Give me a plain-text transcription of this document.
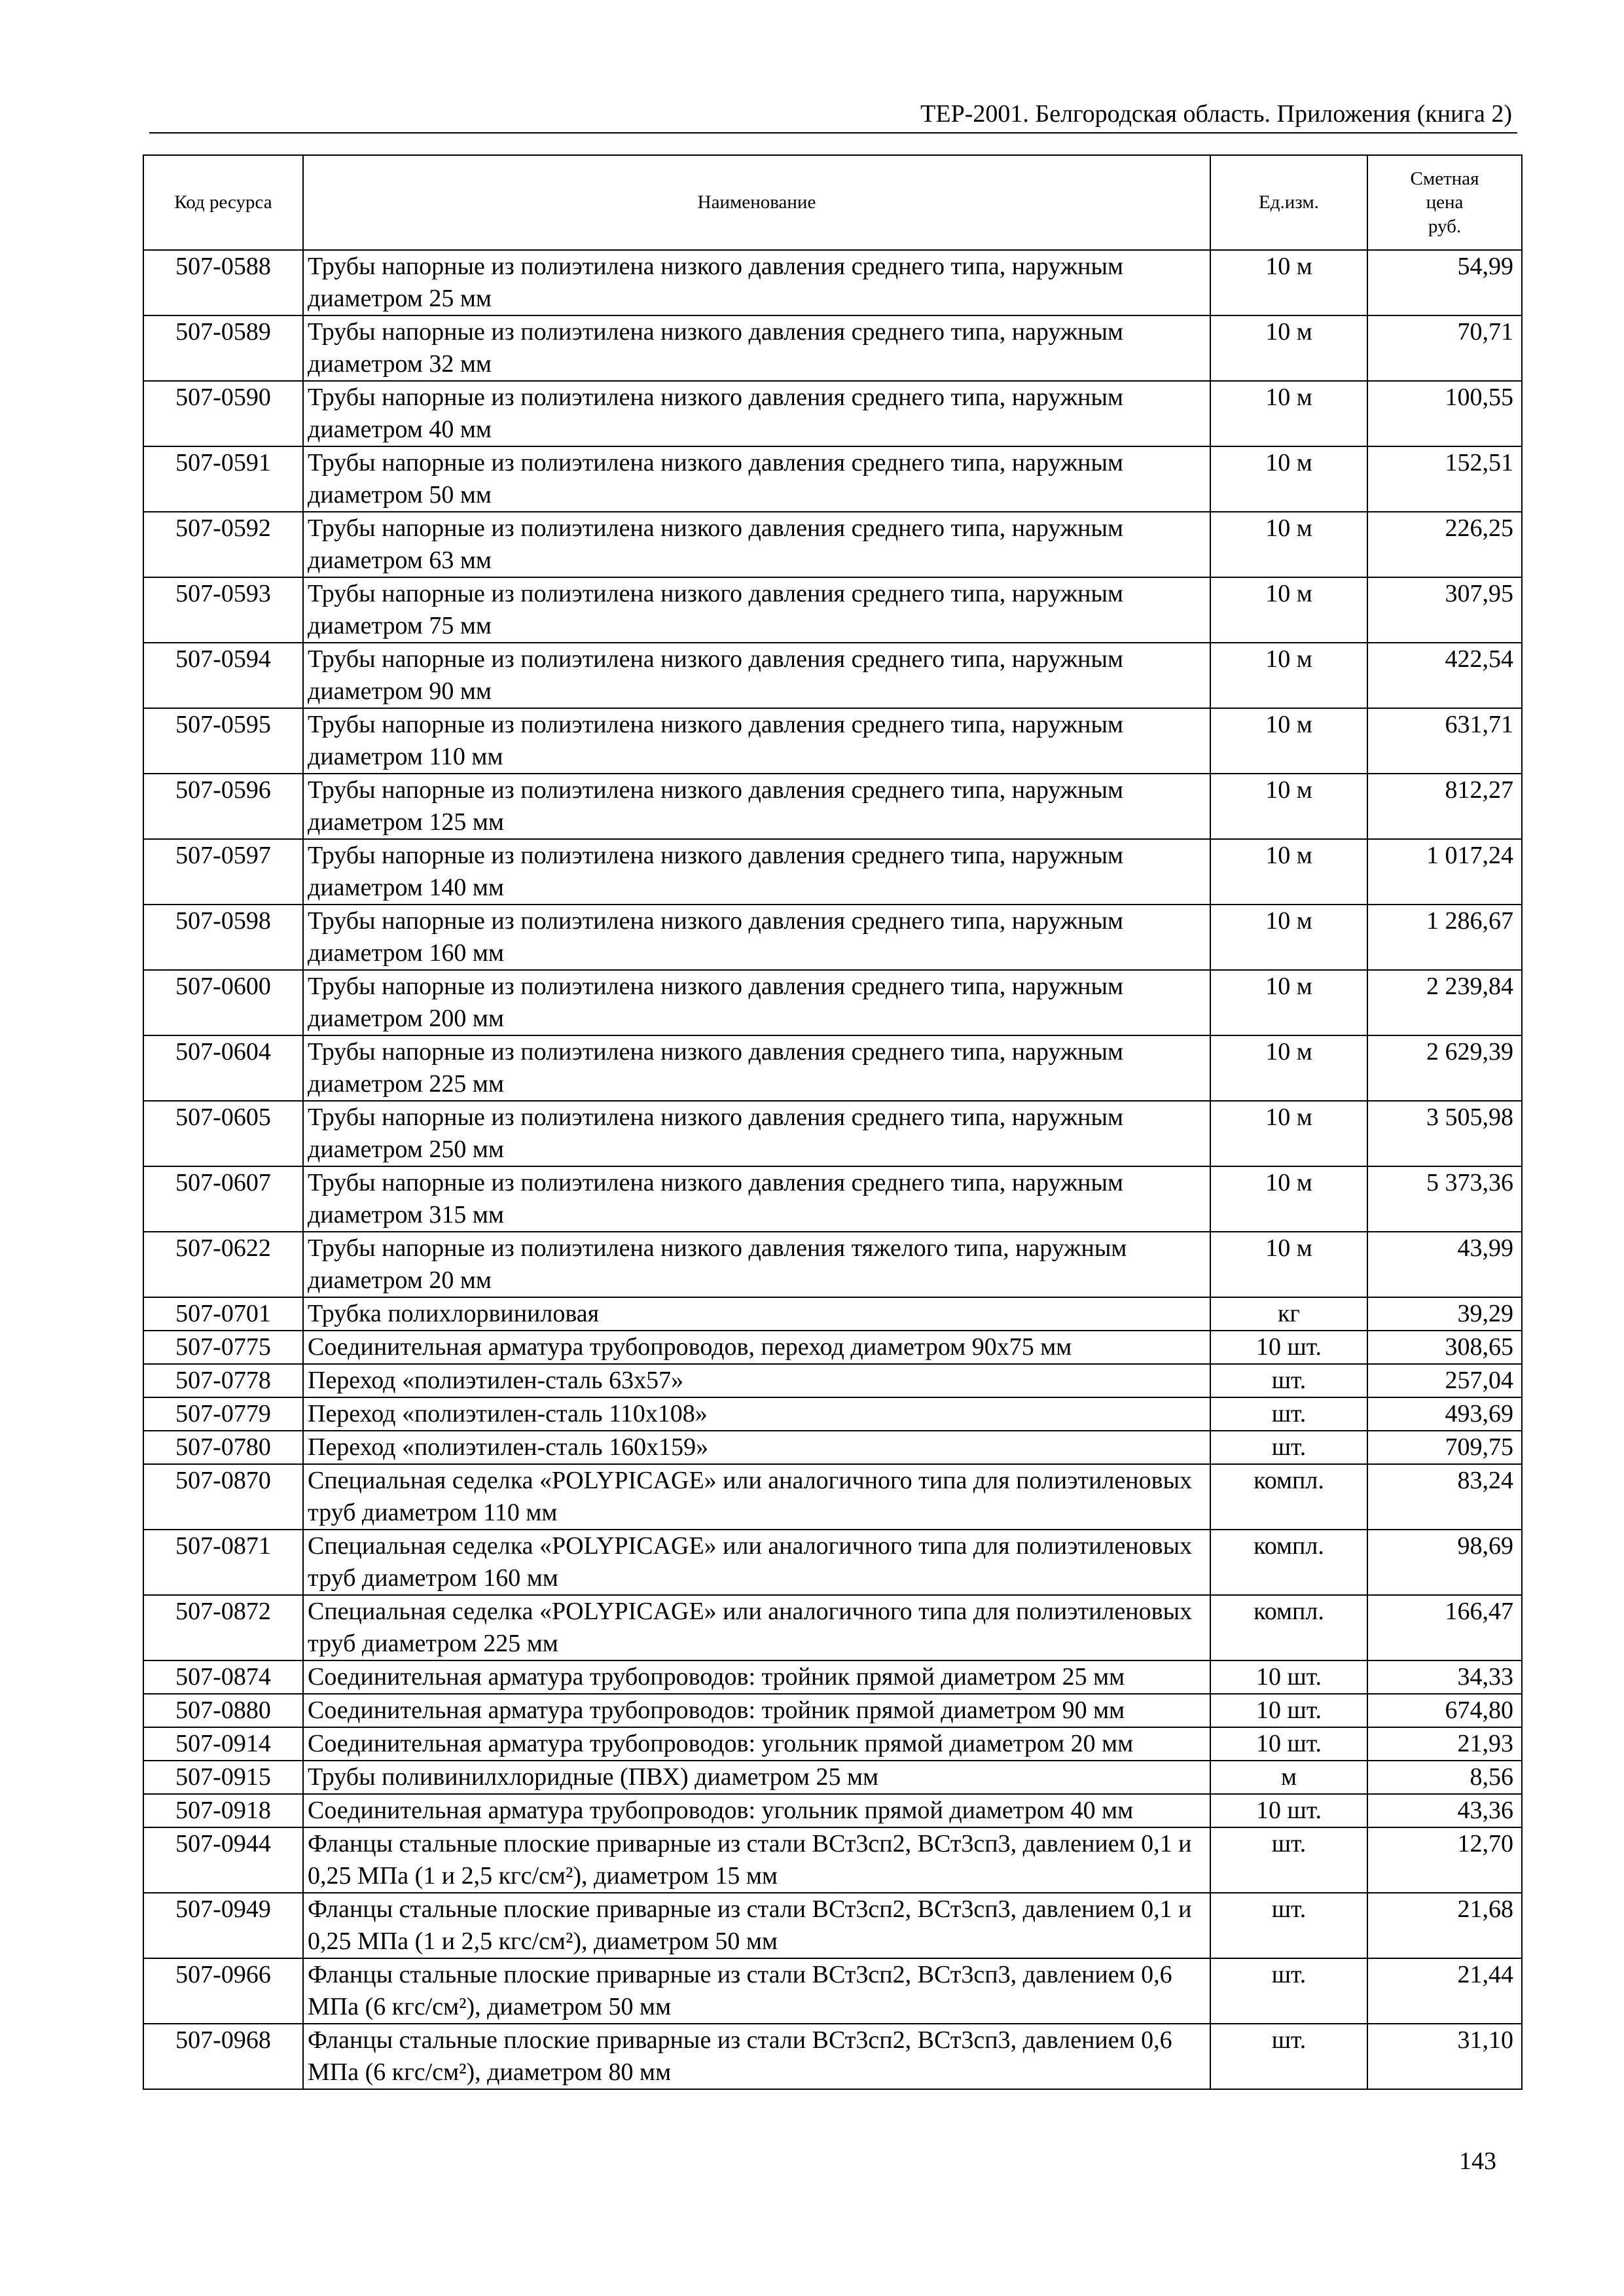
ТЕР-2001. Белгородская область. Приложения (книга 2)
Код ресурса	Наименование	Ед.изм.	Сметная
цена
руб.

507-0588	Трубы напорные из полиэтилена низкого давления среднего типа, наружным диаметром 25 мм	10 м	54,99
507-0589	Трубы напорные из полиэтилена низкого давления среднего типа, наружным диаметром 32 мм	10 м	70,71
507-0590	Трубы напорные из полиэтилена низкого давления среднего типа, наружным диаметром 40 мм	10 м	100,55
507-0591	Трубы напорные из полиэтилена низкого давления среднего типа, наружным диаметром 50 мм	10 м	152,51
507-0592	Трубы напорные из полиэтилена низкого давления среднего типа, наружным диаметром 63 мм	10 м	226,25
507-0593	Трубы напорные из полиэтилена низкого давления среднего типа, наружным диаметром 75 мм	10 м	307,95
507-0594	Трубы напорные из полиэтилена низкого давления среднего типа, наружным диаметром 90 мм	10 м	422,54
507-0595	Трубы напорные из полиэтилена низкого давления среднего типа, наружным диаметром 110 мм	10 м	631,71
507-0596	Трубы напорные из полиэтилена низкого давления среднего типа, наружным диаметром 125 мм	10 м	812,27
507-0597	Трубы напорные из полиэтилена низкого давления среднего типа, наружным диаметром 140 мм	10 м	1 017,24
507-0598	Трубы напорные из полиэтилена низкого давления среднего типа, наружным диаметром 160 мм	10 м	1 286,67
507-0600	Трубы напорные из полиэтилена низкого давления среднего типа, наружным диаметром 200 мм	10 м	2 239,84
507-0604	Трубы напорные из полиэтилена низкого давления среднего типа, наружным диаметром 225 мм	10 м	2 629,39
507-0605	Трубы напорные из полиэтилена низкого давления среднего типа, наружным диаметром 250 мм	10 м	3 505,98
507-0607	Трубы напорные из полиэтилена низкого давления среднего типа, наружным диаметром 315 мм	10 м	5 373,36
507-0622	Трубы напорные из полиэтилена низкого давления тяжелого типа, наружным диаметром 20 мм	10 м	43,99
507-0701	Трубка полихлорвиниловая	кг	39,29
507-0775	Соединительная арматура трубопроводов, переход диаметром 90х75 мм	10 шт.	308,65
507-0778	Переход «полиэтилен-сталь 63х57»	шт.	257,04
507-0779	Переход «полиэтилен-сталь 110х108»	шт.	493,69
507-0780	Переход «полиэтилен-сталь 160х159»	шт.	709,75
507-0870	Специальная седелка «POLYPICAGE» или аналогичного типа для полиэтиленовых труб диаметром 110 мм	компл.	83,24
507-0871	Специальная седелка «POLYPICAGE» или аналогичного типа для полиэтиленовых труб диаметром 160 мм	компл.	98,69
507-0872	Специальная седелка «POLYPICAGE» или аналогичного типа для полиэтиленовых труб диаметром 225 мм	компл.	166,47
507-0874	Соединительная арматура трубопроводов: тройник прямой диаметром 25 мм	10 шт.	34,33
507-0880	Соединительная арматура трубопроводов: тройник прямой диаметром 90 мм	10 шт.	674,80
507-0914	Соединительная арматура трубопроводов: угольник прямой диаметром 20 мм	10 шт.	21,93
507-0915	Трубы поливинилхлоридные (ПВХ) диаметром 25 мм	м	8,56
507-0918	Соединительная арматура трубопроводов: угольник прямой диаметром 40 мм	10 шт.	43,36
507-0944	Фланцы стальные плоские приварные из стали ВСт3сп2, ВСт3сп3, давлением 0,1 и 0,25 МПа (1 и 2,5 кгс/см²), диаметром 15 мм	шт.	12,70
507-0949	Фланцы стальные плоские приварные из стали ВСт3сп2, ВСт3сп3, давлением 0,1 и 0,25 МПа (1 и 2,5 кгс/см²), диаметром 50 мм	шт.	21,68
507-0966	Фланцы стальные плоские приварные из стали ВСт3сп2, ВСт3сп3, давлением 0,6 МПа (6 кгс/см²), диаметром 50 мм	шт.	21,44
507-0968	Фланцы стальные плоские приварные из стали ВСт3сп2, ВСт3сп3, давлением 0,6 МПа (6 кгс/см²), диаметром 80 мм	шт.	31,10
143
